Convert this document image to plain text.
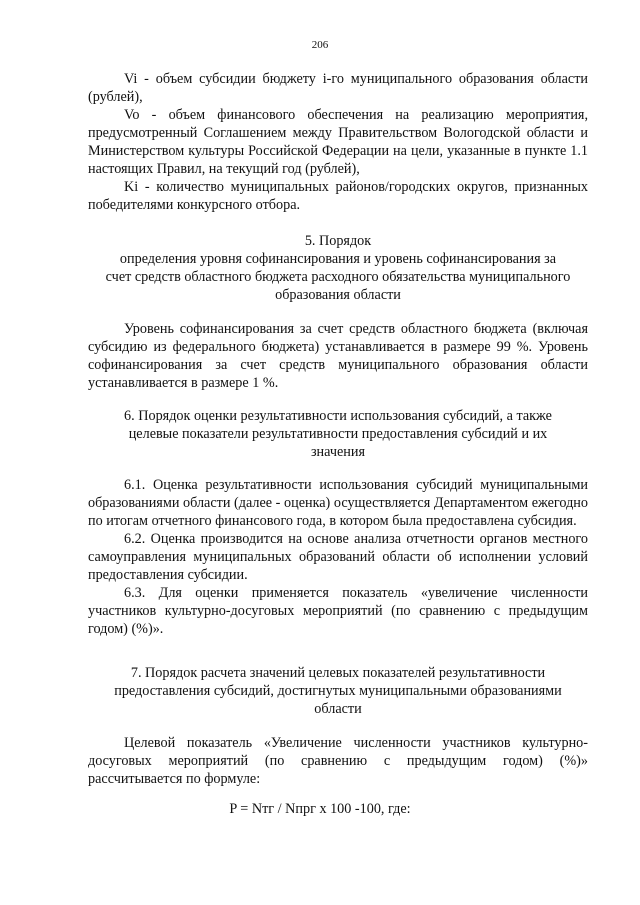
206

Vi - объем субсидии бюджету i-го муниципального образования области (рублей),

Vo - объем финансового обеспечения на реализацию мероприятия, предусмотренный Соглашением между Правительством Вологодской области и Министерством культуры Российской Федерации на цели, указанные в пункте 1.1 настоящих Правил, на текущий год (рублей),

Ki - количество муниципальных районов/городских округов, признанных победителями конкурсного отбора.

5. Порядок
определения уровня софинансирования и уровень софинансирования за
счет средств областного бюджета расходного обязательства муниципального
образования области

Уровень софинансирования за счет средств областного бюджета (включая субсидию из федерального бюджета) устанавливается в размере 99 %. Уровень софинансирования за счет средств муниципального образования области устанавливается в размере 1 %.

6. Порядок оценки результативности использования субсидий, а также
целевые показатели результативности предоставления субсидий и их
значения

6.1. Оценка результативности использования субсидий муниципальными образованиями области (далее - оценка) осуществляется Департаментом ежегодно по итогам отчетного финансового года, в котором была предоставлена субсидия.

6.2. Оценка производится на основе анализа отчетности органов местного самоуправления муниципальных образований области об исполнении условий предоставления субсидии.

6.3. Для оценки применяется показатель «увеличение численности участников культурно-досуговых мероприятий (по сравнению с предыдущим годом) (%)».

7. Порядок расчета значений целевых показателей результативности
предоставления субсидий, достигнутых муниципальными образованиями
области

Целевой показатель «Увеличение численности участников культурно-досуговых мероприятий (по сравнению с предыдущим годом) (%)» рассчитывается по формуле:

P = Nтг / Nпрг х 100 -100, где:
